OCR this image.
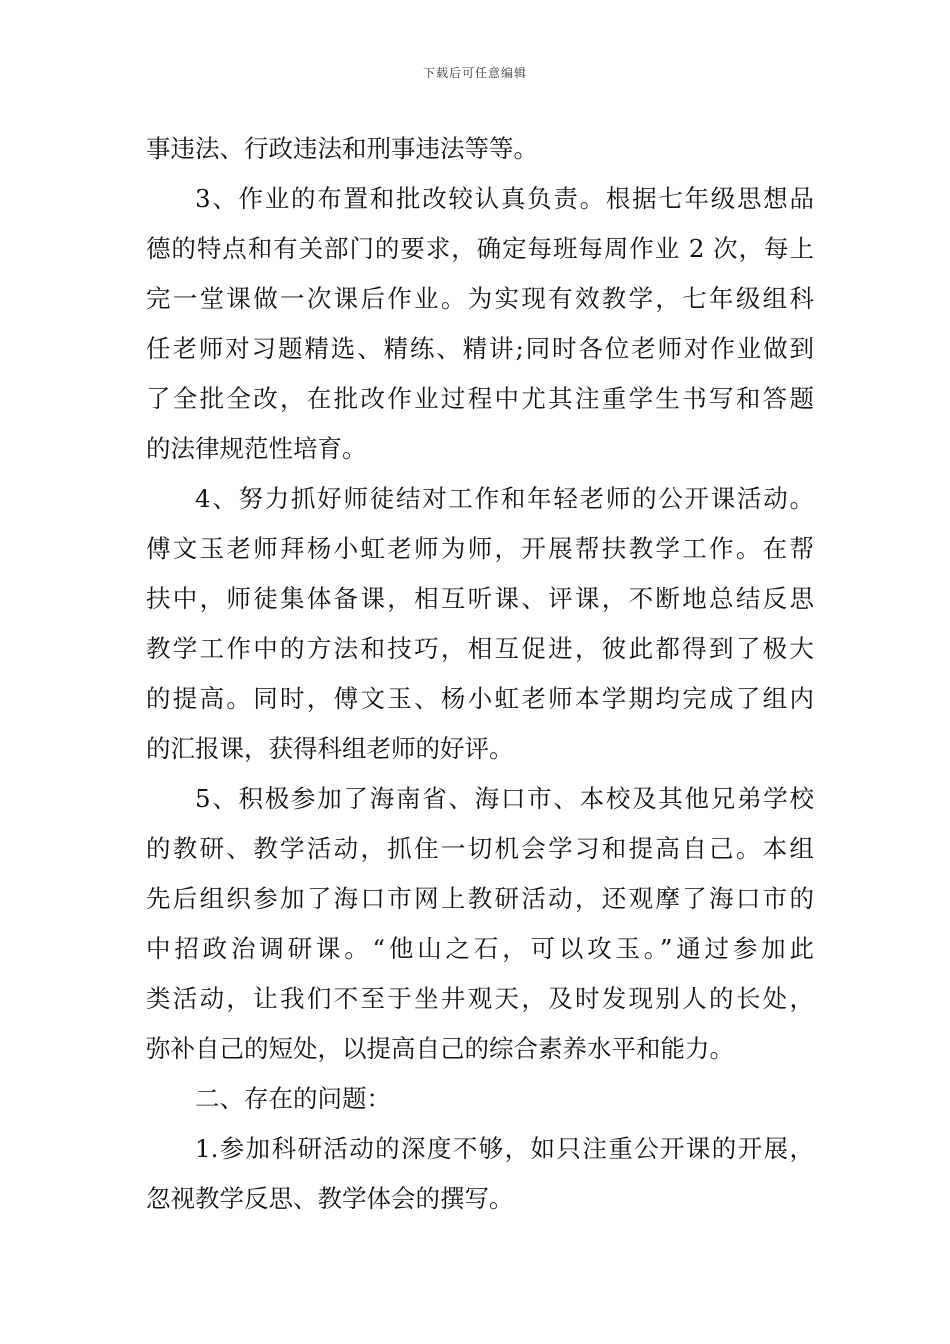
下载后可任意编辑
事违法、行政违法和刑事违法等等。
3、作业的布置和批改较认真负责。根据七年级思想品
德的特点和有关部门的要求，确定每班每周作业 2 次，每上
完一堂课做一次课后作业。为实现有效教学，七年级组科
任老师对习题精选、精练、精讲;同时各位老师对作业做到
了全批全改，在批改作业过程中尤其注重学生书写和答题
的法律规范性培育。
4、努力抓好师徒结对工作和年轻老师的公开课活动。
傅文玉老师拜杨小虹老师为师，开展帮扶教学工作。在帮
扶中，师徒集体备课，相互听课、评课，不断地总结反思
教学工作中的方法和技巧，相互促进，彼此都得到了极大
的提高。同时，傅文玉、杨小虹老师本学期均完成了组内
的汇报课，获得科组老师的好评。
5、积极参加了海南省、海口市、本校及其他兄弟学校
的教研、教学活动，抓住一切机会学习和提高自己。本组
先后组织参加了海口市网上教研活动，还观摩了海口市的
中招政治调研课。“他山之石，可以攻玉。”通过参加此
类活动，让我们不至于坐井观天，及时发现别人的长处，
弥补自己的短处，以提高自己的综合素养水平和能力。
二、存在的问题：
1.参加科研活动的深度不够，如只注重公开课的开展，
忽视教学反思、教学体会的撰写。
